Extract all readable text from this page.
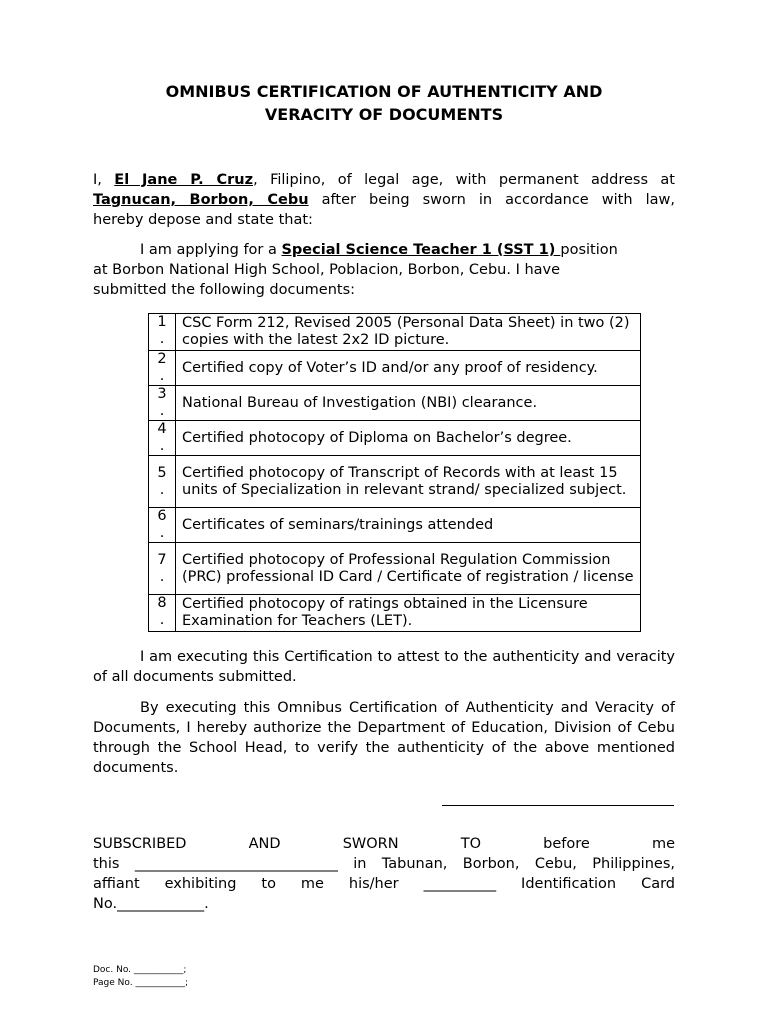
OMNIBUS CERTIFICATION OF AUTHENTICITY AND
VERACITY OF DOCUMENTS
I, El Jane P. Cruz, Filipino, of legal age, with permanent address at
Tagnucan, Borbon, Cebu after being sworn in accordance with law,
hereby depose and state that:
I am applying for a Special Science Teacher 1 (SST 1) position
at Borbon National High School, Poblacion, Borbon, Cebu. I have
submitted the following documents:
1.	CSC Form 212, Revised 2005 (Personal Data Sheet) in two (2) copies with the latest 2x2 ID picture.

2.	Certified copy of Voter’s ID and/or any proof of residency.

3.	National Bureau of Investigation (NBI) clearance.

4.	Certified photocopy of Diploma on Bachelor’s degree.

5.	Certified photocopy of Transcript of Records with at least 15 units of Specialization in relevant strand/ specialized subject.

6.	Certificates of seminars/trainings attended

7.	Certified photocopy of Professional Regulation Commission (PRC) professional ID Card / Certificate of registration / license

8.	Certified photocopy of ratings obtained in the Licensure Examination for Teachers (LET).

I am executing this Certification to attest to the authenticity and veracity of all documents submitted.

By executing this Omnibus Certification of Authenticity and Veracity of Documents, I hereby authorize the Department of Education, Division of Cebu through the School Head, to verify the authenticity of the above mentioned documents.

SUBSCRIBED AND SWORN TO before me
this ____________________________ in Tabunan, Borbon, Cebu, Philippines,
affiant exhibiting to me his/her __________ Identification Card
No.____________.
Doc. No. ___________;
Page No. ___________;
